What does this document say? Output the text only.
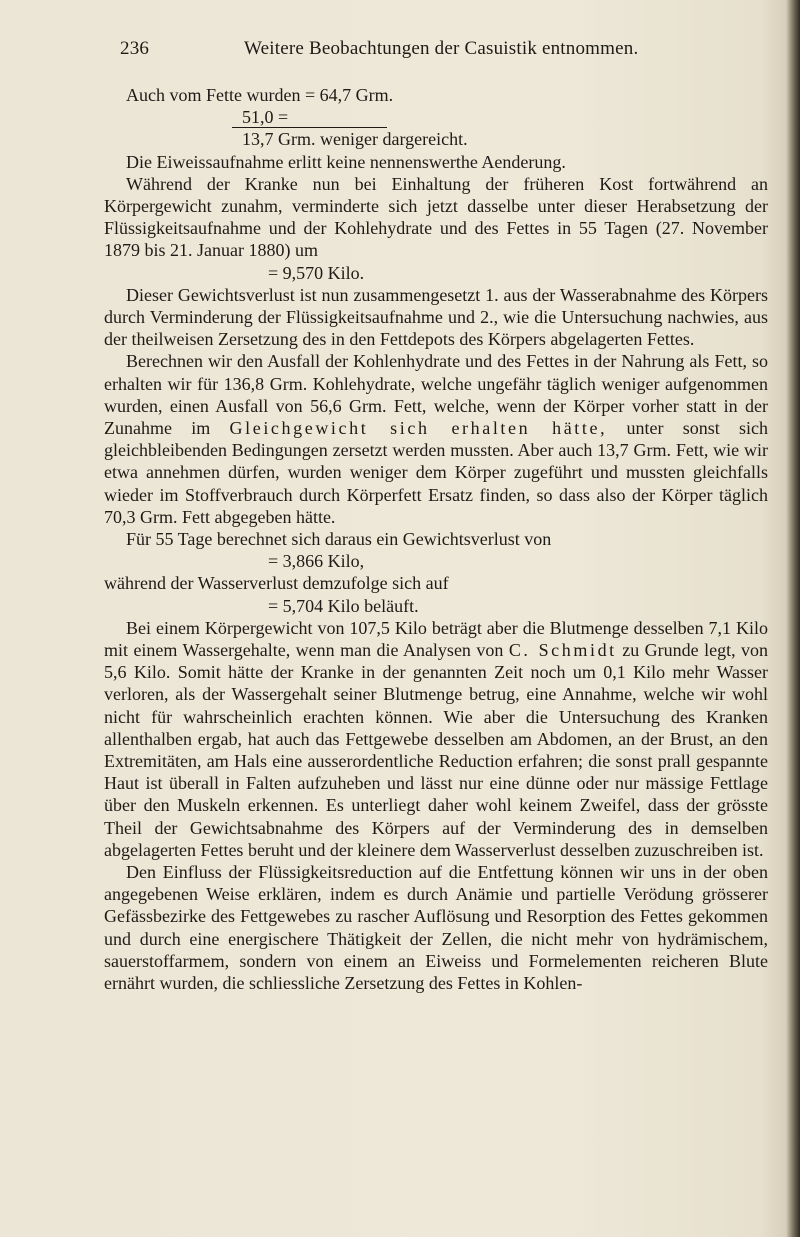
236	Weitere Beobachtungen der Casuistik entnommen.
Auch vom Fette wurden = 64,7 Grm.
51,0 =
13,7 Grm. weniger dargereicht.

Die Eiweissaufnahme erlitt keine nennenswerthe Aenderung.

Während der Kranke nun bei Einhaltung der früheren Kost fortwährend an Körpergewicht zunahm, verminderte sich jetzt dasselbe unter dieser Herabsetzung der Flüssigkeitsaufnahme und der Kohlehydrate und des Fettes in 55 Tagen (27. November 1879 bis 21. Januar 1880) um

= 9,570 Kilo.

Dieser Gewichtsverlust ist nun zusammengesetzt 1. aus der Wasserabnahme des Körpers durch Verminderung der Flüssigkeitsaufnahme und 2., wie die Untersuchung nachwies, aus der theilweisen Zersetzung des in den Fettdepots des Körpers abgelagerten Fettes.

Berechnen wir den Ausfall der Kohlenhydrate und des Fettes in der Nahrung als Fett, so erhalten wir für 136,8 Grm. Kohlehydrate, welche ungefähr täglich weniger aufgenommen wurden, einen Ausfall von 56,6 Grm. Fett, welche, wenn der Körper vorher statt in der Zunahme im Gleichgewicht sich erhalten hätte, unter sonst sich gleichbleibenden Bedingungen zersetzt werden mussten. Aber auch 13,7 Grm. Fett, wie wir etwa annehmen dürfen, wurden weniger dem Körper zugeführt und mussten gleichfalls wieder im Stoffverbrauch durch Körperfett Ersatz finden, so dass also der Körper täglich 70,3 Grm. Fett abgegeben hätte.

Für 55 Tage berechnet sich daraus ein Gewichtsverlust von

= 3,866 Kilo,

während der Wasserverlust demzufolge sich auf

= 5,704 Kilo beläuft.

Bei einem Körpergewicht von 107,5 Kilo beträgt aber die Blutmenge desselben 7,1 Kilo mit einem Wassergehalte, wenn man die Analysen von C. Schmidt zu Grunde legt, von 5,6 Kilo. Somit hätte der Kranke in der genannten Zeit noch um 0,1 Kilo mehr Wasser verloren, als der Wassergehalt seiner Blutmenge betrug, eine Annahme, welche wir wohl nicht für wahrscheinlich erachten können. Wie aber die Untersuchung des Kranken allenthalben ergab, hat auch das Fettgewebe desselben am Abdomen, an der Brust, an den Extremitäten, am Hals eine ausserordentliche Reduction erfahren; die sonst prall gespannte Haut ist überall in Falten aufzuheben und lässt nur eine dünne oder nur mässige Fettlage über den Muskeln erkennen. Es unterliegt daher wohl keinem Zweifel, dass der grösste Theil der Gewichtsabnahme des Körpers auf der Verminderung des in demselben abgelagerten Fettes beruht und der kleinere dem Wasserverlust desselben zuzuschreiben ist.

Den Einfluss der Flüssigkeitsreduction auf die Entfettung können wir uns in der oben angegebenen Weise erklären, indem es durch Anämie und partielle Verödung grösserer Gefässbezirke des Fettgewebes zu rascher Auflösung und Resorption des Fettes gekommen und durch eine energischere Thätigkeit der Zellen, die nicht mehr von hydrämischem, sauerstoffarmem, sondern von einem an Eiweiss und Formelementen reicheren Blute ernährt wurden, die schliessliche Zersetzung des Fettes in Kohlen-
